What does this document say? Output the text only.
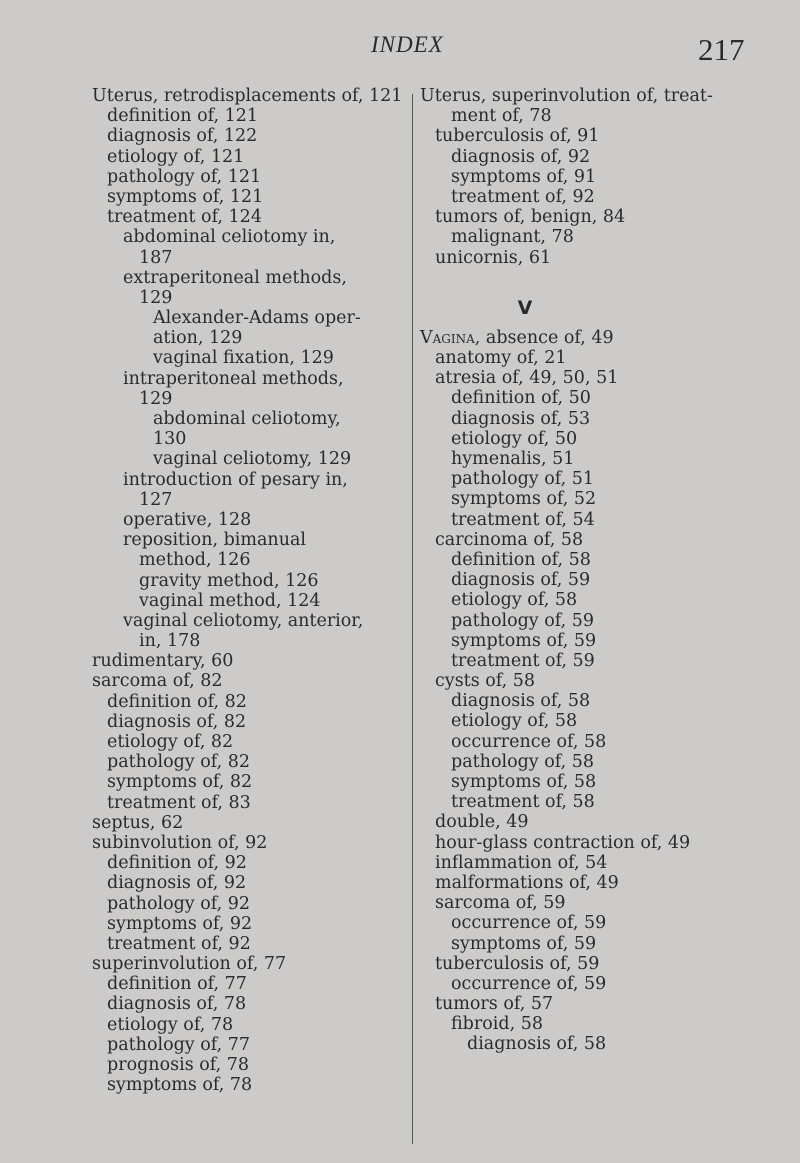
INDEX	217
Uterus, retrodisplacements of, 121
definition of, 121
diagnosis of, 122
etiology of, 121
pathology of, 121
symptoms of, 121
treatment of, 124
abdominal celiotomy in,
187
extraperitoneal methods,
129
Alexander-Adams oper-
ation, 129
vaginal fixation, 129
intraperitoneal methods,
129
abdominal celiotomy,
130
vaginal celiotomy, 129
introduction of pesary in,
127
operative, 128
reposition, bimanual
method, 126
gravity method, 126
vaginal method, 124
vaginal celiotomy, anterior,
in, 178
rudimentary, 60
sarcoma of, 82
definition of, 82
diagnosis of, 82
etiology of, 82
pathology of, 82
symptoms of, 82
treatment of, 83
septus, 62
subinvolution of, 92
definition of, 92
diagnosis of, 92
pathology of, 92
symptoms of, 92
treatment of, 92
superinvolution of, 77
definition of, 77
diagnosis of, 78
etiology of, 78
pathology of, 77
prognosis of, 78
symptoms of, 78
Uterus, superinvolution of, treat-
ment of, 78
tuberculosis of, 91
diagnosis of, 92
symptoms of, 91
treatment of, 92
tumors of, benign, 84
malignant, 78
unicornis, 61
V
Vagina, absence of, 49
anatomy of, 21
atresia of, 49, 50, 51
definition of, 50
diagnosis of, 53
etiology of, 50
hymenalis, 51
pathology of, 51
symptoms of, 52
treatment of, 54
carcinoma of, 58
definition of, 58
diagnosis of, 59
etiology of, 58
pathology of, 59
symptoms of, 59
treatment of, 59
cysts of, 58
diagnosis of, 58
etiology of, 58
occurrence of, 58
pathology of, 58
symptoms of, 58
treatment of, 58
double, 49
hour-glass contraction of, 49
inflammation of, 54
malformations of, 49
sarcoma of, 59
occurrence of, 59
symptoms of, 59
tuberculosis of, 59
occurrence of, 59
tumors of, 57
fibroid, 58
diagnosis of, 58
